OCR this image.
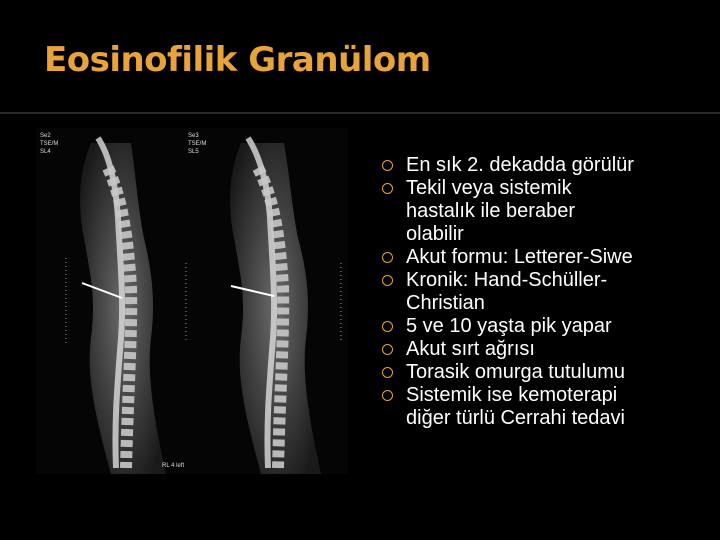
Eosinofilik Granülom
Se2
TSE/M
SL4
Se3
TSE/M
SL5
RL 4 left
En sık 2. dekadda görülür
Tekil veya sistemik
hastalık ile beraber
olabilir
Akut formu: Letterer-Siwe
Kronik: Hand-Schüller-
Christian
5 ve 10 yaşta pik yapar
Akut sırt ağrısı
Torasik omurga tutulumu
Sistemik ise kemoterapi
diğer türlü Cerrahi tedavi
